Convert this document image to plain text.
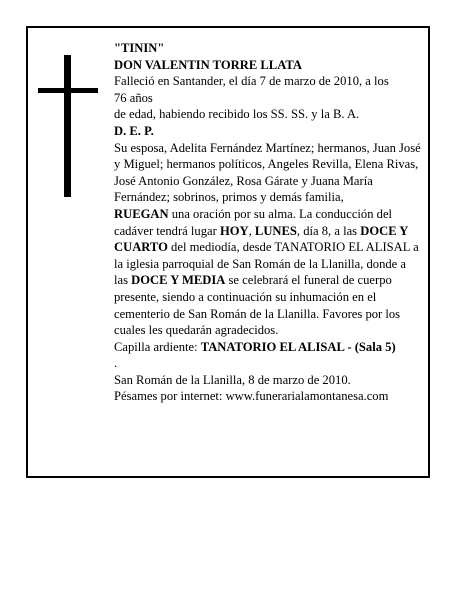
"TININ"

DON VALENTIN TORRE LLATA

Falleció en Santander, el día 7 de marzo de 2010, a los

76 años

de edad, habiendo recibido los SS. SS. y la B. A.

D. E. P.

Su esposa, Adelita Fernández Martínez; hermanos, Juan José y Miguel; hermanos políticos, Angeles Revilla, Elena Rivas, José Antonio González, Rosa Gárate y Juana María Fernández; sobrinos, primos y demás familia,

RUEGAN una oración por su alma. La conducción del cadáver tendrá lugar HOY, LUNES, día 8, a las DOCE Y CUARTO del mediodía, desde TANATORIO EL ALISAL a la iglesia parroquial de San Román de la Llanilla, donde a las DOCE Y MEDIA se celebrará el funeral de cuerpo presente, siendo a continuación su inhumación en el cementerio de San Román de la Llanilla. Favores por los cuales les quedarán agradecidos.

Capilla ardiente: TANATORIO EL ALISAL - (Sala 5)

.

San Román de la Llanilla, 8 de marzo de 2010.

Pésames por internet: www.funerarialamontanesa.com
